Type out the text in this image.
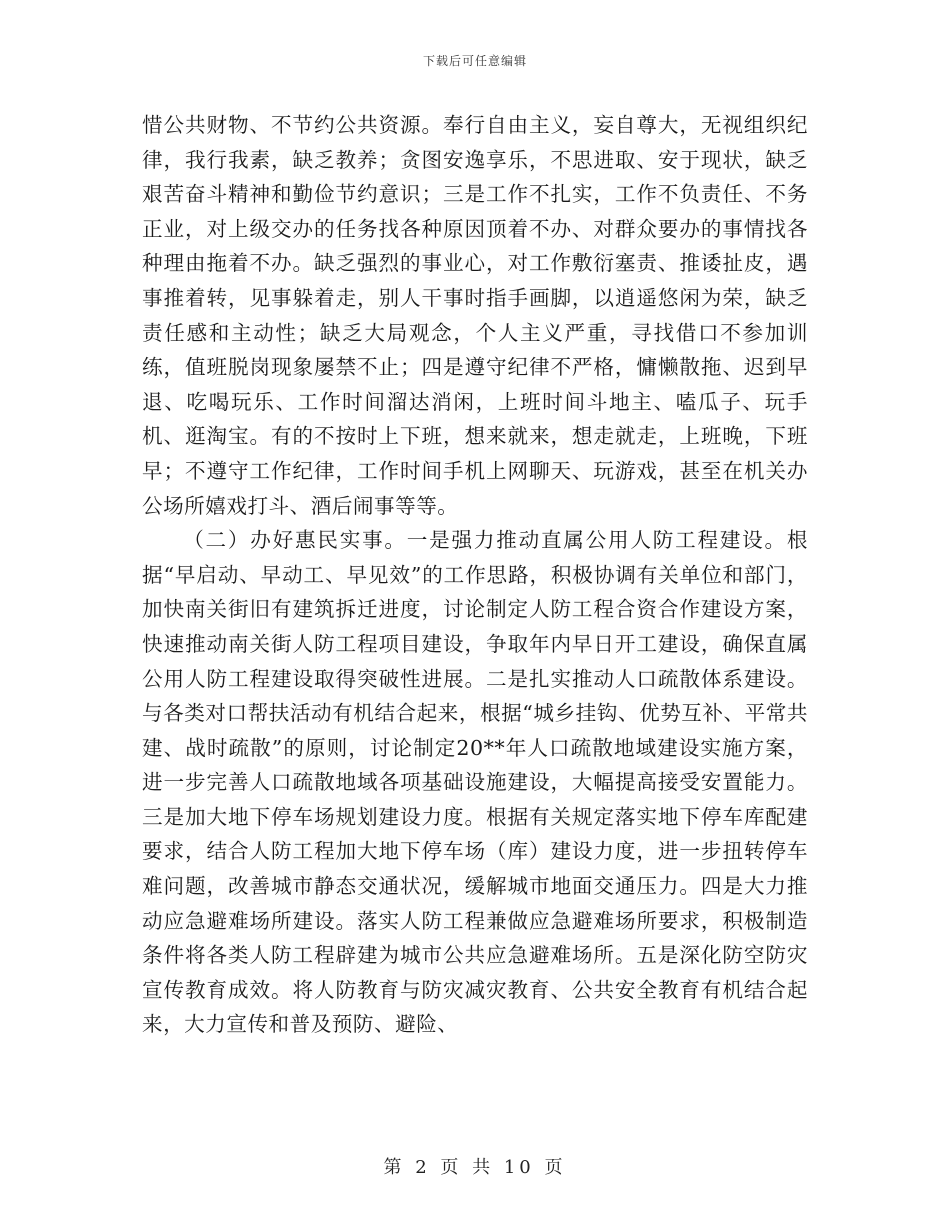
下载后可任意编辑

惜公共财物、不节约公共资源。奉行自由主义，妄自尊大，无视组织纪律，我行我素，缺乏教养；贪图安逸享乐，不思进取、安于现状，缺乏艰苦奋斗精神和勤俭节约意识；三是工作不扎实，工作不负责任、不务正业，对上级交办的任务找各种原因顶着不办、对群众要办的事情找各种理由拖着不办。缺乏强烈的事业心，对工作敷衍塞责、推诿扯皮，遇事推着转，见事躲着走，别人干事时指手画脚，以逍遥悠闲为荣，缺乏责任感和主动性；缺乏大局观念，个人主义严重，寻找借口不参加训练，值班脱岗现象屡禁不止；四是遵守纪律不严格，慵懒散拖、迟到早退、吃喝玩乐、工作时间溜达消闲，上班时间斗地主、嗑瓜子、玩手机、逛淘宝。有的不按时上下班，想来就来，想走就走，上班晚，下班早；不遵守工作纪律，工作时间手机上网聊天、玩游戏，甚至在机关办公场所嬉戏打斗、酒后闹事等等。

（二）办好惠民实事。一是强力推动直属公用人防工程建设。根据“早启动、早动工、早见效”的工作思路，积极协调有关单位和部门，加快南关街旧有建筑拆迁进度，讨论制定人防工程合资合作建设方案，快速推动南关街人防工程项目建设，争取年内早日开工建设，确保直属公用人防工程建设取得突破性进展。二是扎实推动人口疏散体系建设。与各类对口帮扶活动有机结合起来，根据“城乡挂钩、优势互补、平常共建、战时疏散”的原则，讨论制定20**年人口疏散地域建设实施方案，进一步完善人口疏散地域各项基础设施建设，大幅提高接受安置能力。三是加大地下停车场规划建设力度。根据有关规定落实地下停车库配建要求，结合人防工程加大地下停车场（库）建设力度，进一步扭转停车难问题，改善城市静态交通状况，缓解城市地面交通压力。四是大力推动应急避难场所建设。落实人防工程兼做应急避难场所要求，积极制造条件将各类人防工程辟建为城市公共应急避难场所。五是深化防空防灾宣传教育成效。将人防教育与防灾减灾教育、公共安全教育有机结合起来，大力宣传和普及预防、避险、

第 2 页 共 10 页
